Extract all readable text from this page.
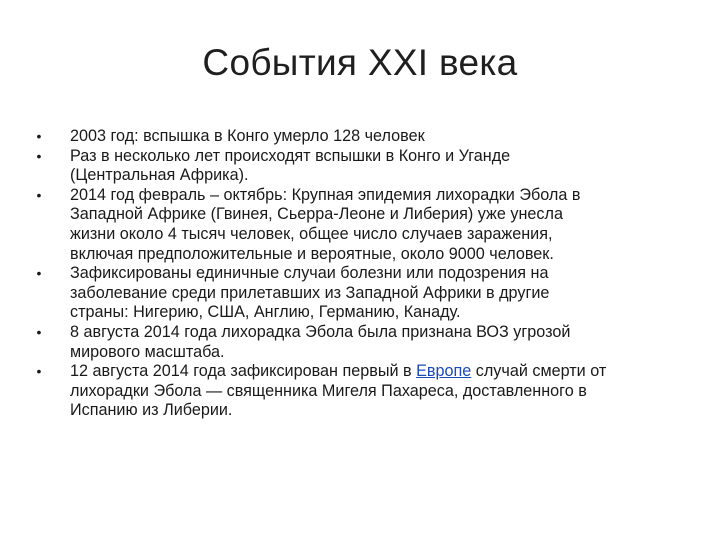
События XXI века
• 2003 год: вспышка в Конго умерло 128 человек
• Раз в несколько лет происходят вспышки в Конго и Уганде
(Центральная Африка).
• 2014 год февраль – октябрь: Крупная эпидемия лихорадки Эбола в
Западной Африке (Гвинея, Сьерра-Леоне и Либерия) уже унесла
жизни около 4 тысяч человек, общее число случаев заражения,
включая предположительные и вероятные, около 9000 человек.
• Зафиксированы единичные случаи болезни или подозрения на
заболевание среди прилетавших из Западной Африки в другие
страны: Нигерию, США, Англию, Германию, Канаду.
• 8 августа 2014 года лихорадка Эбола была признана ВОЗ угрозой
мирового масштаба.
• 12 августа 2014 года зафиксирован первый в Европе случай смерти от
лихорадки Эбола — священника Мигеля Пахареса, доставленного в
Испанию из Либерии.
